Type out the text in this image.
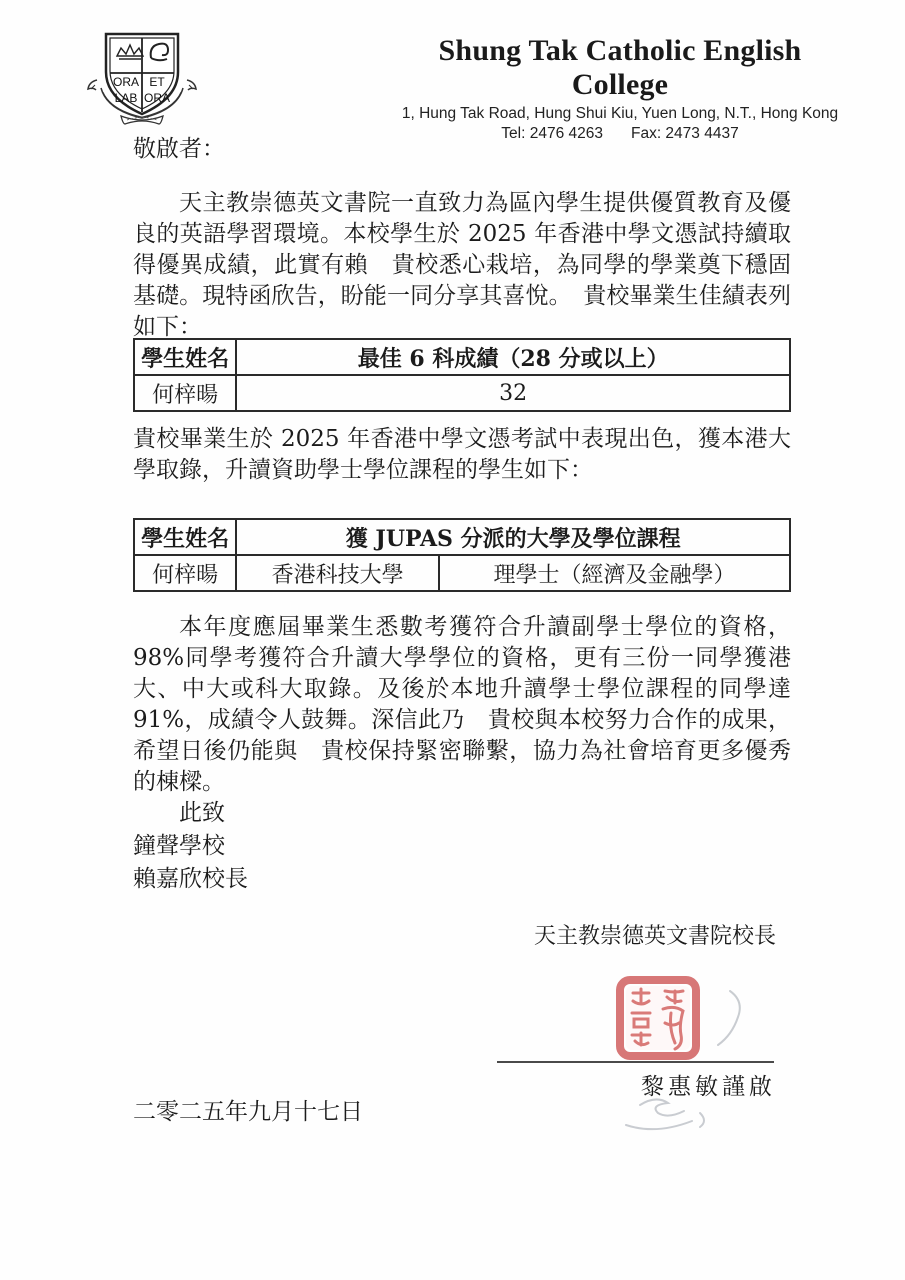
ORA ET
LAB ORA
Shung Tak Catholic English College
1, Hung Tak Road, Hung Shui Kiu, Yuen Long, N.T., Hong Kong
Tel: 2476 4263 Fax: 2473 4437
敬啟者：
天主教崇德英文書院一直致力為區內學生提供優質教育及優良的英語學習環境。本校學生於 2025 年香港中學文憑試持續取得優異成績，此實有賴　貴校悉心栽培，為同學的學業奠下穩固基礎。現特函欣告，盼能一同分享其喜悅。　貴校畢業生佳績表列如下：
學生姓名	最佳 6 科成績（28 分或以上）
何梓暘	32
貴校畢業生於 2025 年香港中學文憑考試中表現出色，獲本港大學取錄，升讀資助學士學位課程的學生如下：
學生姓名	獲 JUPAS 分派的大學及學位課程	
何梓暘	香港科技大學	理學士（經濟及金融學）
本年度應屆畢業生悉數考獲符合升讀副學士學位的資格，98%同學考獲符合升讀大學學位的資格，更有三份一同學獲港大、中大或科大取錄。及後於本地升讀學士學位課程的同學達 91%，成績令人鼓舞。深信此乃　貴校與本校努力合作的成果，希望日後仍能與　貴校保持緊密聯繫，協力為社會培育更多優秀的棟樑。
此致
鐘聲學校
賴嘉欣校長
天主教崇德英文書院校長
黎惠敏謹啟
二零二五年九月十七日
